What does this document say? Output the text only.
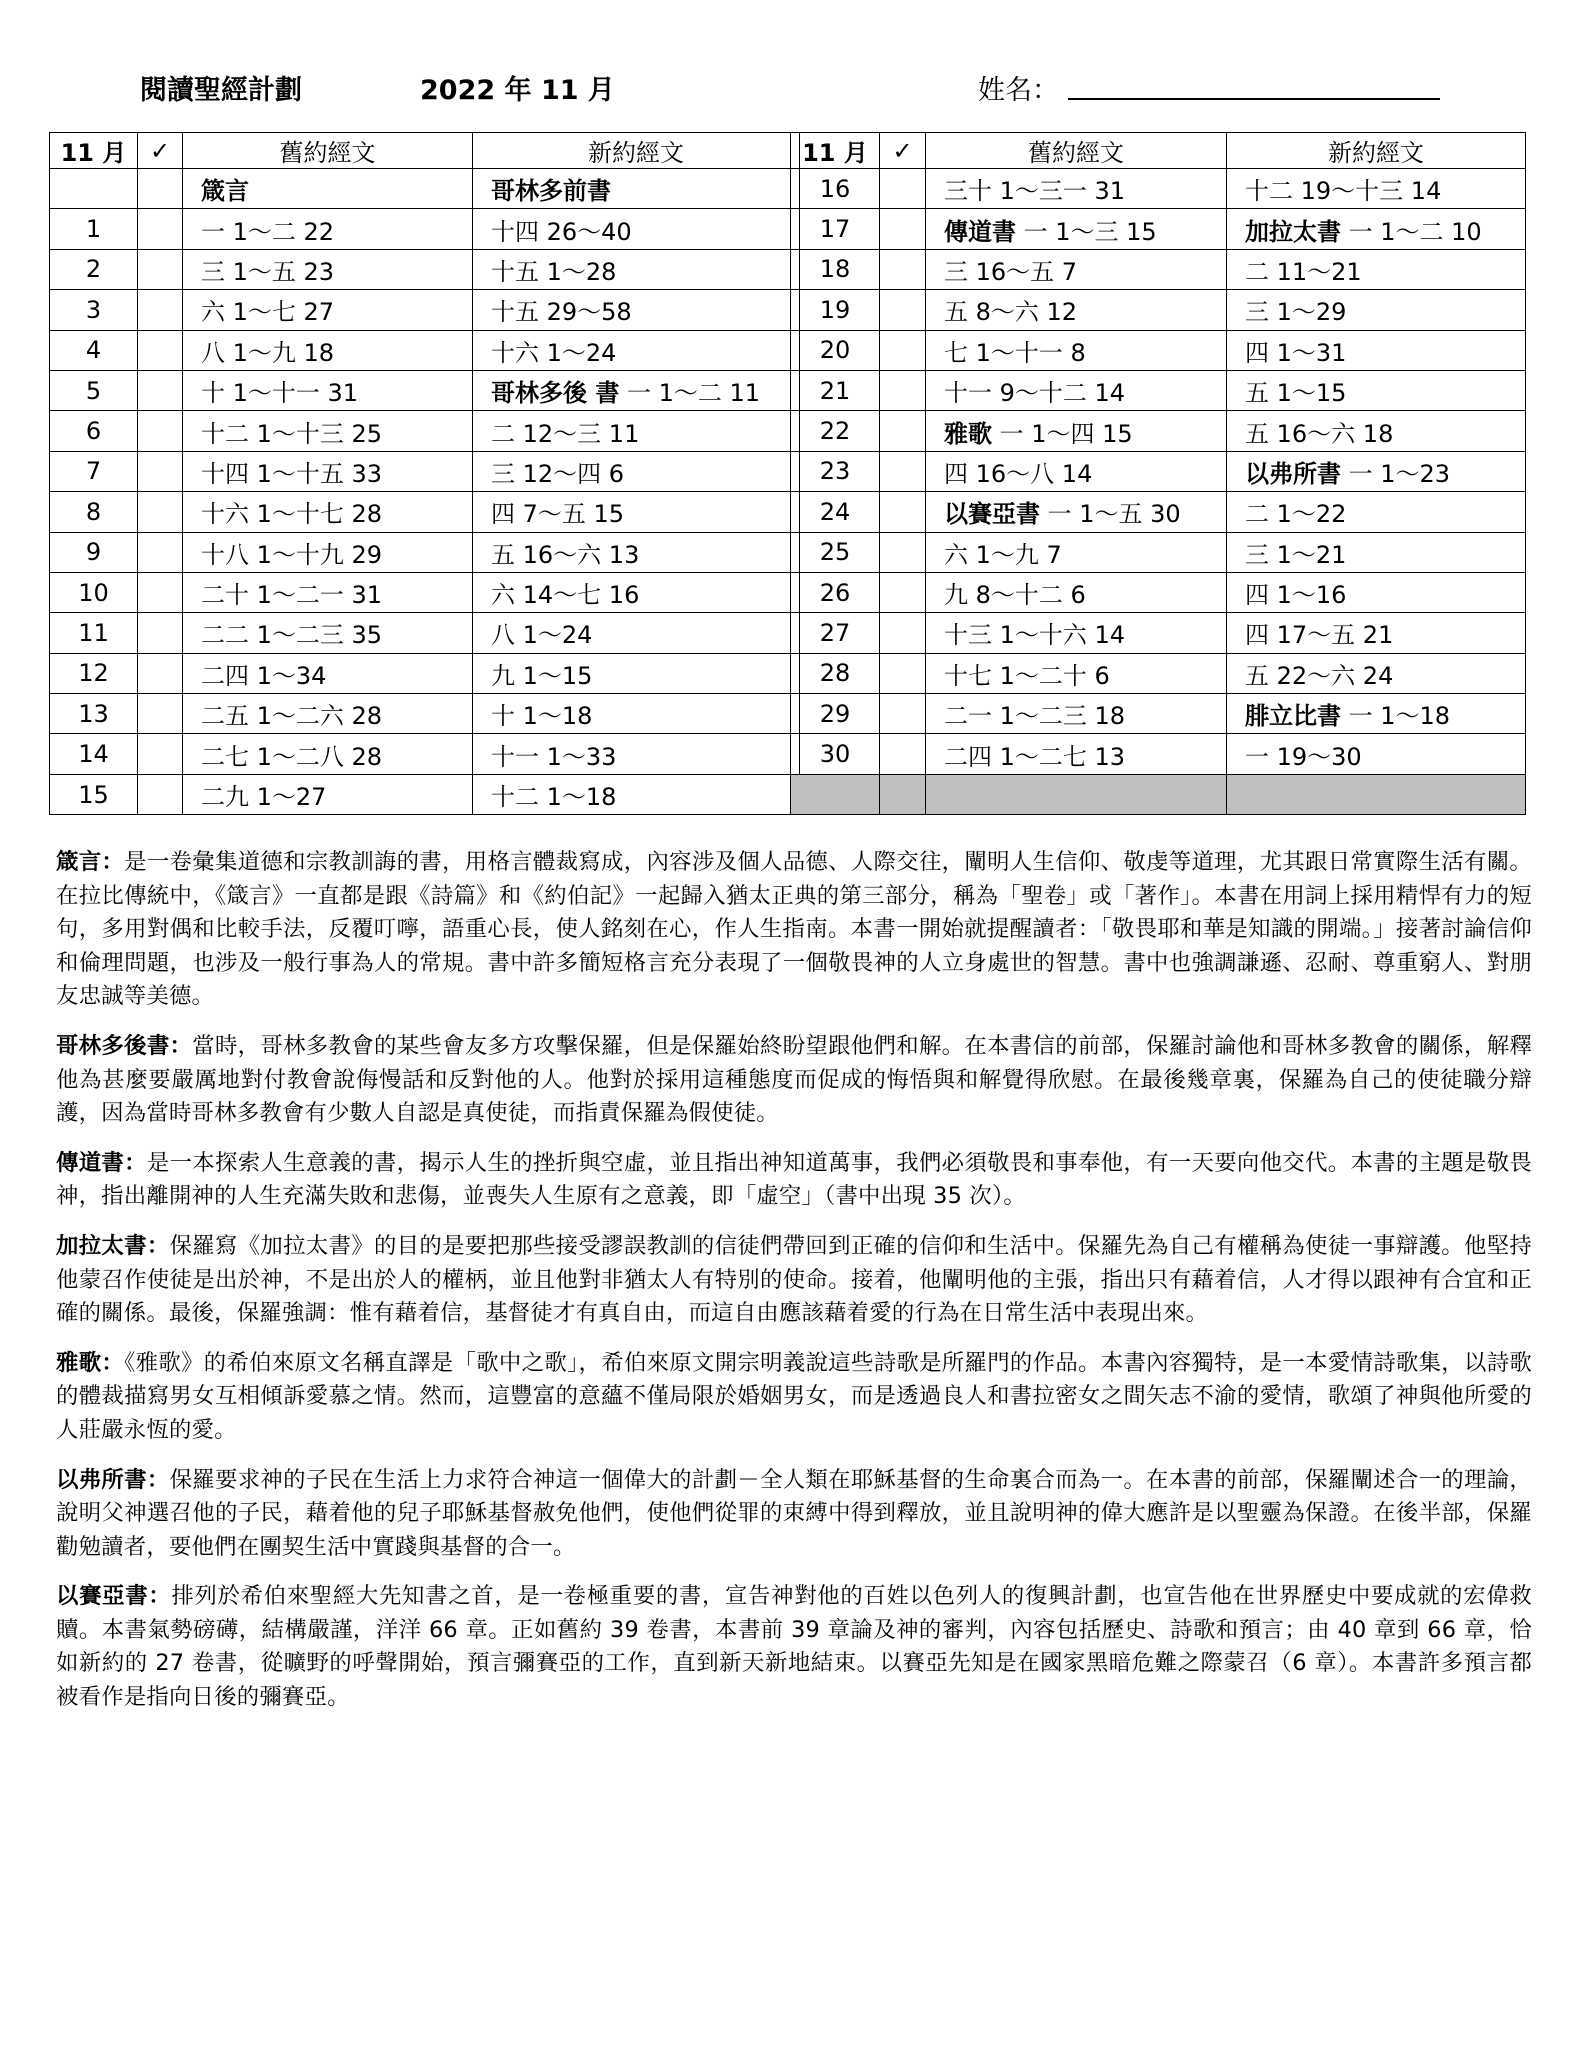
閱讀聖經計劃	2022 年 11 月	姓名：
11 月	✓	舊約經文	新約經文
		箴言	哥林多前書
1		一 1～二 22	十四 26～40
2		三 1～五 23	十五 1～28
3		六 1～七 27	十五 29～58
4		八 1～九 18	十六 1～24
5		十 1～十一 31	哥林多後 書 一 1～二 11
6		十二 1～十三 25	二 12～三 11
7		十四 1～十五 33	三 12～四 6
8		十六 1～十七 28	四 7～五 15
9		十八 1～十九 29	五 16～六 13
10		二十 1～二一 31	六 14～七 16
11		二二 1～二三 35	八 1～24
12		二四 1～34	九 1～15
13		二五 1～二六 28	十 1～18
14		二七 1～二八 28	十一 1～33
15		二九 1～27	十二 1～18
11 月	✓	舊約經文	新約經文
16		三十 1～三一 31	十二 19～十三 14
17		傳道書 一 1～三 15	加拉太書 一 1～二 10
18		三 16～五 7	二 11～21
19		五 8～六 12	三 1～29
20		七 1～十一 8	四 1～31
21		十一 9～十二 14	五 1～15
22		雅歌 一 1～四 15	五 16～六 18
23		四 16～八 14	以弗所書 一 1～23
24		以賽亞書 一 1～五 30	二 1～22
25		六 1～九 7	三 1～21
26		九 8～十二 6	四 1～16
27		十三 1～十六 14	四 17～五 21
28		十七 1～二十 6	五 22～六 24
29		二一 1～二三 18	腓立比書 一 1～18
30		二四 1～二七 13	一 19～30

箴言：是一卷彙集道德和宗教訓誨的書，用格言體裁寫成，內容涉及個人品德、人際交往，闡明人生信仰、敬虔等道理，尤其跟日常實際生活有關。在拉比傳統中，《箴言》一直都是跟《詩篇》和《約伯記》一起歸入猶太正典的第三部分，稱為「聖卷」或「著作」。本書在用詞上採用精悍有力的短句，多用對偶和比較手法，反覆叮嚀，語重心長，使人銘刻在心，作人生指南。本書一開始就提醒讀者：「敬畏耶和華是知識的開端。」接著討論信仰和倫理問題，也涉及一般行事為人的常規。書中許多簡短格言充分表現了一個敬畏神的人立身處世的智慧。書中也強調謙遜、忍耐、尊重窮人、對朋友忠誠等美德。

哥林多後書：當時，哥林多教會的某些會友多方攻擊保羅，但是保羅始終盼望跟他們和解。在本書信的前部，保羅討論他和哥林多教會的關係，解釋他為甚麼要嚴厲地對付教會說侮慢話和反對他的人。他對於採用這種態度而促成的悔悟與和解覺得欣慰。在最後幾章裏，保羅為自己的使徒職分辯護，因為當時哥林多教會有少數人自認是真使徒，而指責保羅為假使徒。

傳道書：是一本探索人生意義的書，揭示人生的挫折與空虛，並且指出神知道萬事，我們必須敬畏和事奉他，有一天要向他交代。本書的主題是敬畏神，指出離開神的人生充滿失敗和悲傷，並喪失人生原有之意義，即「虛空」（書中出現 35 次）。

加拉太書：保羅寫《加拉太書》的目的是要把那些接受謬誤教訓的信徒們帶回到正確的信仰和生活中。保羅先為自己有權稱為使徒一事辯護。他堅持他蒙召作使徒是出於神，不是出於人的權柄，並且他對非猶太人有特別的使命。接着，他闡明他的主張，指出只有藉着信，人才得以跟神有合宜和正確的關係。最後，保羅強調：惟有藉着信，基督徒才有真自由，而這自由應該藉着愛的行為在日常生活中表現出來。

雅歌：《雅歌》的希伯來原文名稱直譯是「歌中之歌」，希伯來原文開宗明義說這些詩歌是所羅門的作品。本書內容獨特，是一本愛情詩歌集，以詩歌的體裁描寫男女互相傾訴愛慕之情。然而，這豐富的意蘊不僅局限於婚姻男女，而是透過良人和書拉密女之間矢志不渝的愛情，歌頌了神與他所愛的人莊嚴永恆的愛。

以弗所書：保羅要求神的子民在生活上力求符合神這一個偉大的計劃－全人類在耶穌基督的生命裏合而為一。在本書的前部，保羅闡述合一的理論，說明父神選召他的子民，藉着他的兒子耶穌基督赦免他們，使他們從罪的束縛中得到釋放，並且說明神的偉大應許是以聖靈為保證。在後半部，保羅勸勉讀者，要他們在團契生活中實踐與基督的合一。

以賽亞書：排列於希伯來聖經大先知書之首，是一卷極重要的書，宣告神對他的百姓以色列人的復興計劃，也宣告他在世界歷史中要成就的宏偉救贖。本書氣勢磅礡，結構嚴謹，洋洋 66 章。正如舊約 39 卷書，本書前 39 章論及神的審判，內容包括歷史、詩歌和預言；由 40 章到 66 章，恰如新約的 27 卷書，從曠野的呼聲開始，預言彌賽亞的工作，直到新天新地結束。以賽亞先知是在國家黑暗危難之際蒙召（6 章）。本書許多預言都被看作是指向日後的彌賽亞。
